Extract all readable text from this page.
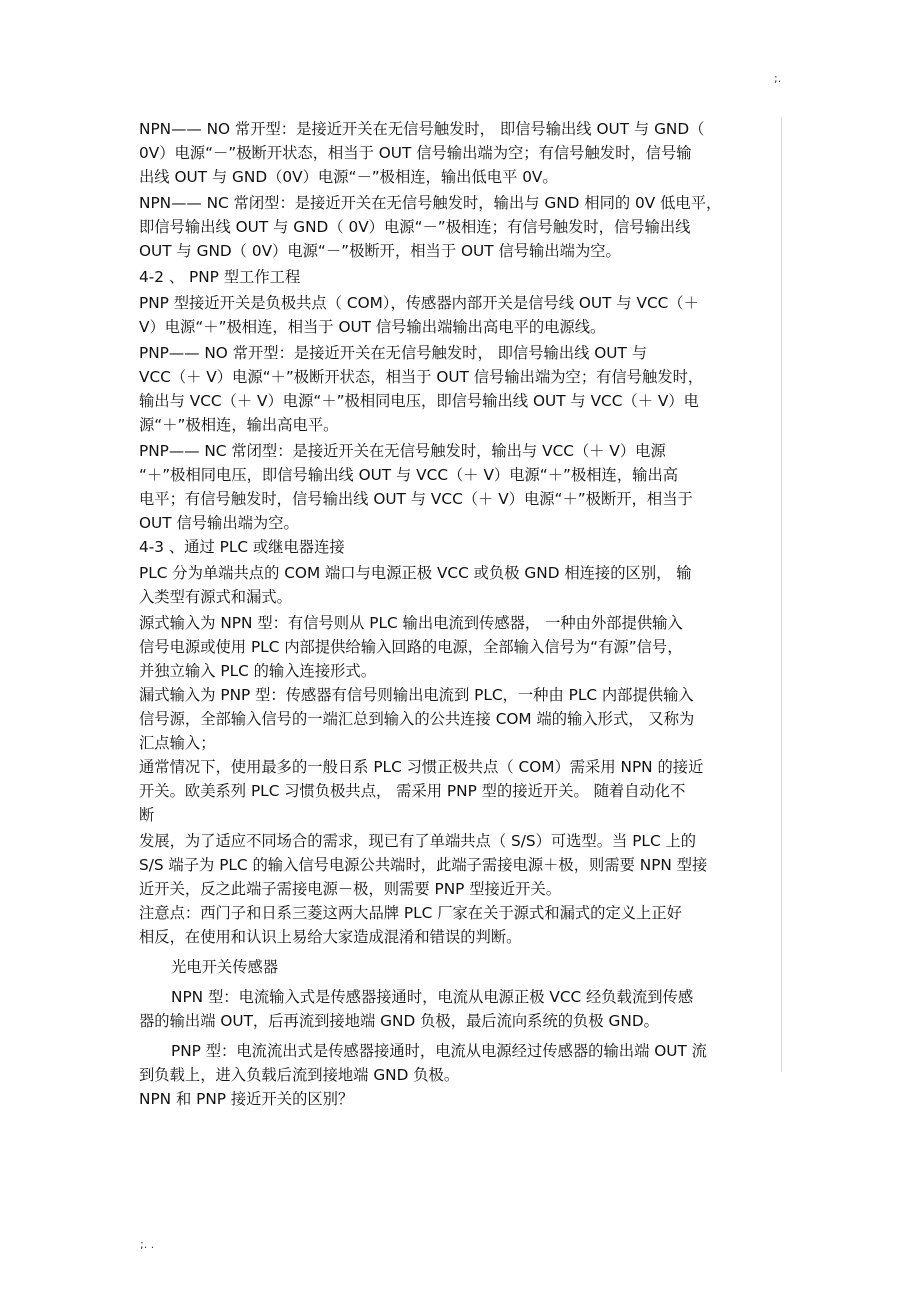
;.
NPN—— NO 常开型：是接近开关在无信号触发时， 即信号输出线 OUT 与 GND（
0V）电源“－”极断开状态，相当于 OUT 信号输出端为空；有信号触发时，信号输
出线 OUT 与 GND（0V）电源“－”极相连，输出低电平 0V。
NPN—— NC 常闭型：是接近开关在无信号触发时，输出与 GND 相同的 0V 低电平，
即信号输出线 OUT 与 GND（ 0V）电源“－”极相连；有信号触发时，信号输出线
OUT 与 GND（ 0V）电源“－”极断开，相当于 OUT 信号输出端为空。
4-2 、 PNP 型工作工程
PNP 型接近开关是负极共点（ COM），传感器内部开关是信号线 OUT 与 VCC（＋
V）电源“＋”极相连，相当于 OUT 信号输出端输出高电平的电源线。
PNP—— NO 常开型：是接近开关在无信号触发时， 即信号输出线 OUT 与
VCC（＋ V）电源“＋”极断开状态，相当于 OUT 信号输出端为空；有信号触发时，
输出与 VCC（＋ V）电源“＋”极相同电压，即信号输出线 OUT 与 VCC（＋ V）电
源“＋”极相连，输出高电平。
PNP—— NC 常闭型：是接近开关在无信号触发时，输出与 VCC（＋ V）电源
“＋”极相同电压，即信号输出线 OUT 与 VCC（＋ V）电源“＋”极相连，输出高
电平；有信号触发时，信号输出线 OUT 与 VCC（＋ V）电源“＋”极断开，相当于
OUT 信号输出端为空。
4-3 、通过 PLC 或继电器连接
PLC 分为单端共点的 COM 端口与电源正极 VCC 或负极 GND 相连接的区别， 输
入类型有源式和漏式。
源式输入为 NPN 型：有信号则从 PLC 输出电流到传感器， 一种由外部提供输入
信号电源或使用 PLC 内部提供给输入回路的电源，全部输入信号为“有源”信号，
并独立输入 PLC 的输入连接形式。
漏式输入为 PNP 型：传感器有信号则输出电流到 PLC，一种由 PLC 内部提供输入
信号源，全部输入信号的一端汇总到输入的公共连接 COM 端的输入形式， 又称为
汇点输入；
通常情况下，使用最多的一般日系 PLC 习惯正极共点（ COM）需采用 NPN 的接近
开关。欧美系列 PLC 习惯负极共点， 需采用 PNP 型的接近开关。 随着自动化不
断
发展，为了适应不同场合的需求，现已有了单端共点（ S/S）可选型。当 PLC 上的
S/S 端子为 PLC 的输入信号电源公共端时，此端子需接电源＋极，则需要 NPN 型接
近开关，反之此端子需接电源－极，则需要 PNP 型接近开关。
注意点：西门子和日系三菱这两大品牌 PLC 厂家在关于源式和漏式的定义上正好
相反，在使用和认识上易给大家造成混淆和错误的判断。
光电开关传感器
NPN 型：电流输入式是传感器接通时，电流从电源正极 VCC 经负载流到传感
器的输出端 OUT，后再流到接地端 GND 负极，最后流向系统的负极 GND。
PNP 型：电流流出式是传感器接通时，电流从电源经过传感器的输出端 OUT 流
到负载上，进入负载后流到接地端 GND 负极。
NPN 和 PNP 接近开关的区别？
;. .
